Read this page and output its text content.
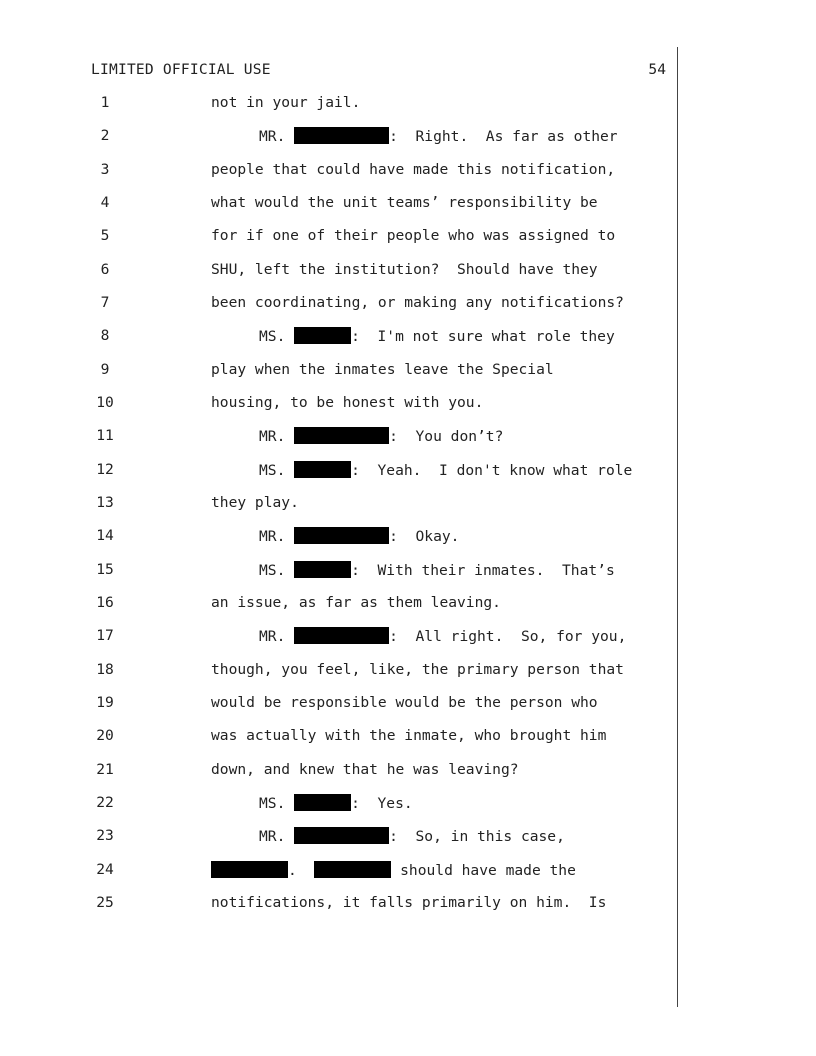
LIMITED OFFICIAL USE	54

1

	not in your jail.

2

	MR.	:  Right.  As far as other

3

	people that could have made this notification,

4

	what would the unit teams’ responsibility be

5

	for if one of their people who was assigned to

6

	SHU, left the institution?  Should have they

7

	been coordinating, or making any notifications?

8

	MS.	:  I'm not sure what role they

9

	play when the inmates leave the Special

10

	housing, to be honest with you.

11

	MR.	:  You don’t?

12

	MS.	:  Yeah.  I don't know what role

13

	they play.

14

	MR.	:  Okay.

15

	MS.	:  With their inmates.  That’s

16

	an issue, as far as them leaving.

17

	MR.	:  All right.  So, for you,

18

	though, you feel, like, the primary person that

19

	would be responsible would be the person who

20

	was actually with the inmate, who brought him

21

	down, and knew that he was leaving?

22

	MS.	:  Yes.

23

	MR.	:  So, in this case,

24

	.	should have made the

25

	notifications, it falls primarily on him.  Is
